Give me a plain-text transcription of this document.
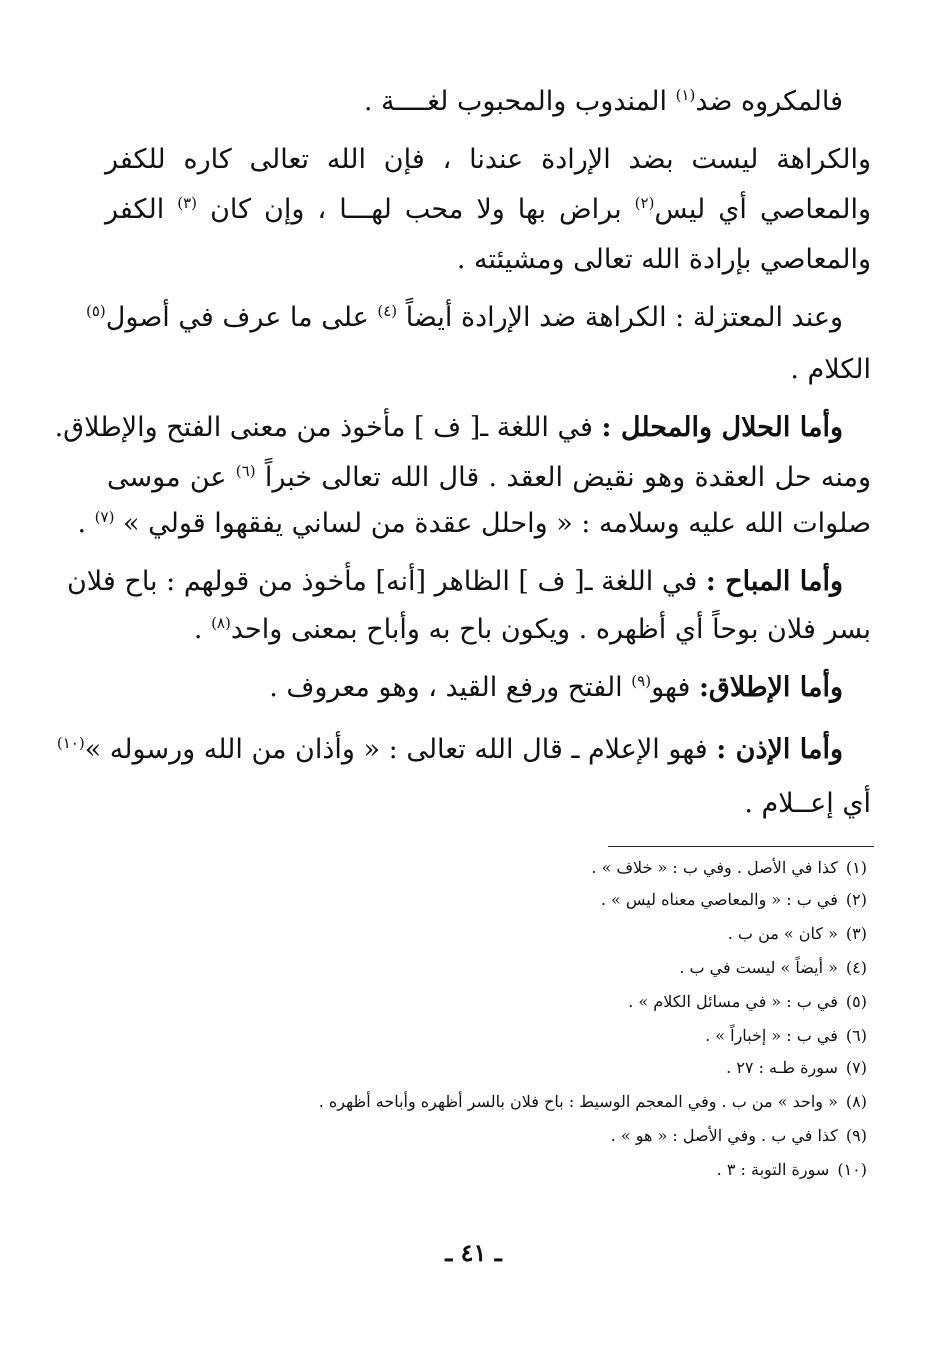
فالمكروه ضد$^{(١)}$ المندوب والمحبوب لغــــة .
والكراهة ليست بضد الإرادة عندنا ، فإن الله تعالى كاره للكفر
والمعاصي أي ليس$^{(٢)}$ براض بها ولا محب لهـــا ، وإن كان $^{(٣)}$ الكفر
والمعاصي بإرادة الله تعالى ومشيئته .
وعند المعتزلة : الكراهة ضد الإرادة أيضاً $^{(٤)}$ على ما عرف في أصول$^{(٥)}$
الكلام .
وأما الحلال والمحلل : في اللغة ـ[ ف ] مأخوذ من معنى الفتح والإطلاق.
ومنه حل العقدة وهو نقيض العقد . قال الله تعالى خبراً $^{(٦)}$ عن موسى
صلوات الله عليه وسلامه : « واحلل عقدة من لساني يفقهوا قولي » $^{(٧)}$ .
وأما المباح : في اللغة ـ[ ف ] الظاهر [أنه] مأخوذ من قولهم : باح فلان
بسر فلان بوحاً أي أظهره . ويكون باح به وأباح بمعنى واحد$^{(٨)}$ .
وأما الإطلاق: فهو$^{(٩)}$ الفتح ورفع القيد ، وهو معروف .
وأما الإذن : فهو الإعلام ـ قال الله تعالى : « وأذان من الله ورسوله »$^{(١٠)}$
أي إعــلام .
(١)كذا في الأصل . وفي ب : « خلاف » .
(٢)في ب : « والمعاصي معناه ليس » .
(٣)« كان » من ب .
(٤)« أيضاً » ليست في ب .
(٥)في ب : « في مسائل الكلام » .
(٦)في ب : « إخباراً » .
(٧)سورة طـه : ٢٧ .
(٨)« واحد » من ب . وفي المعجم الوسيط : باح فلان بالسر أظهره وأباحه أظهره .
(٩)كذا في ب . وفي الأصل : « هو » .
(١٠)سورة التوبة : ٣ .
ـ ٤١ ـ
